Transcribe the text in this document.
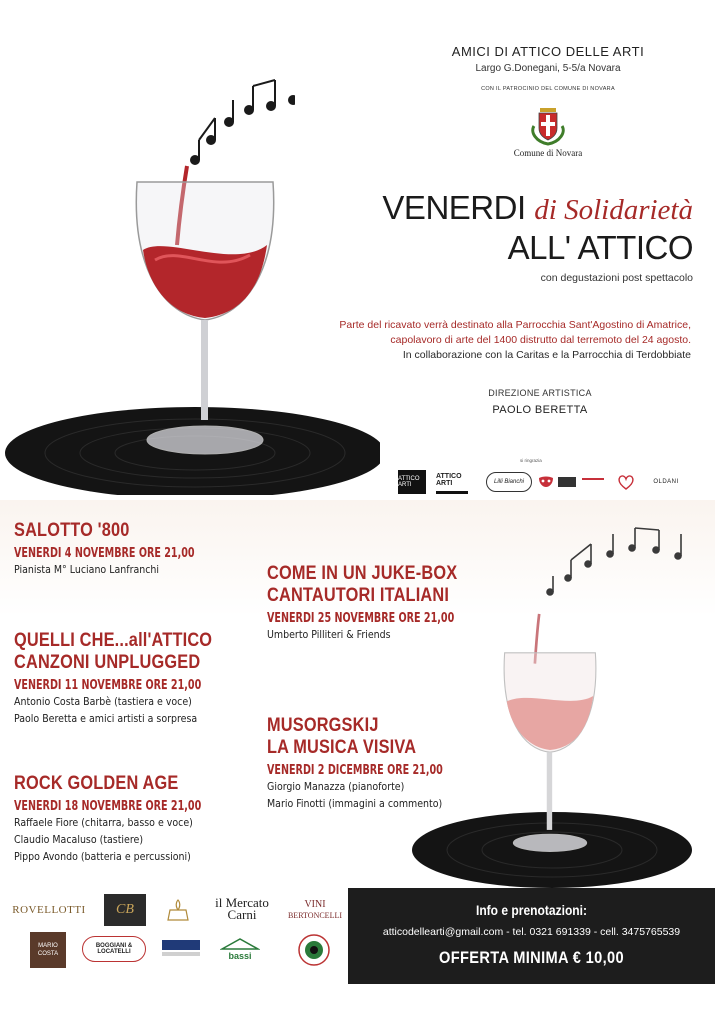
AMICI DI ATTICO DELLE ARTI
Largo G.Donegani, 5-5/a Novara
CON IL PATROCINIO DEL COMUNE DI NOVARA
Comune di Novara
VENERDI di Solidarietà
ALL' ATTICO
con degustazioni post spettacolo
Parte del ricavato verrà destinato alla Parrocchia Sant'Agostino di Amatrice,
capolavoro di arte del 1400 distrutto dal terremoto del 24 agosto.
In collaborazione con la Caritas e la Parrocchia di Terdobbiate
DIREZIONE ARTISTICA
PAOLO BERETTA
si ringrazia
ATTICO ARTI
ATTICO ARTI	Lilli Bianchi	OLDANI
SALOTTO '800
VENERDI 4 NOVEMBRE ORE 21,00
Pianista M° Luciano Lanfranchi
QUELLI CHE...all'ATTICO
CANZONI UNPLUGGED
VENERDI 11 NOVEMBRE ORE 21,00
Antonio Costa Barbè (tastiera e voce)
Paolo Beretta e amici artisti a sorpresa
ROCK GOLDEN AGE
VENERDI 18 NOVEMBRE ORE 21,00
Raffaele Fiore (chitarra, basso e voce)
Claudio Macaluso (tastiere)
Pippo Avondo (batteria e percussioni)
COME IN UN JUKE-BOX
CANTAUTORI ITALIANI
VENERDI 25 NOVEMBRE ORE 21,00
Umberto Pilliteri & Friends
MUSORGSKIJ
LA MUSICA VISIVA
VENERDI 2 DICEMBRE ORE 21,00
Giorgio Manazza (pianoforte)
Mario Finotti (immagini a commento)
ROVELLOTTI	CB	il Mercato
Carni
VINI
BERTONCELLI
MARIO COSTA
BOGGIANI & LOCATELLI	bassi
Info e prenotazioni:
atticodellearti@gmail.com - tel. 0321 691339 - cell. 3475765539
OFFERTA MINIMA € 10,00
